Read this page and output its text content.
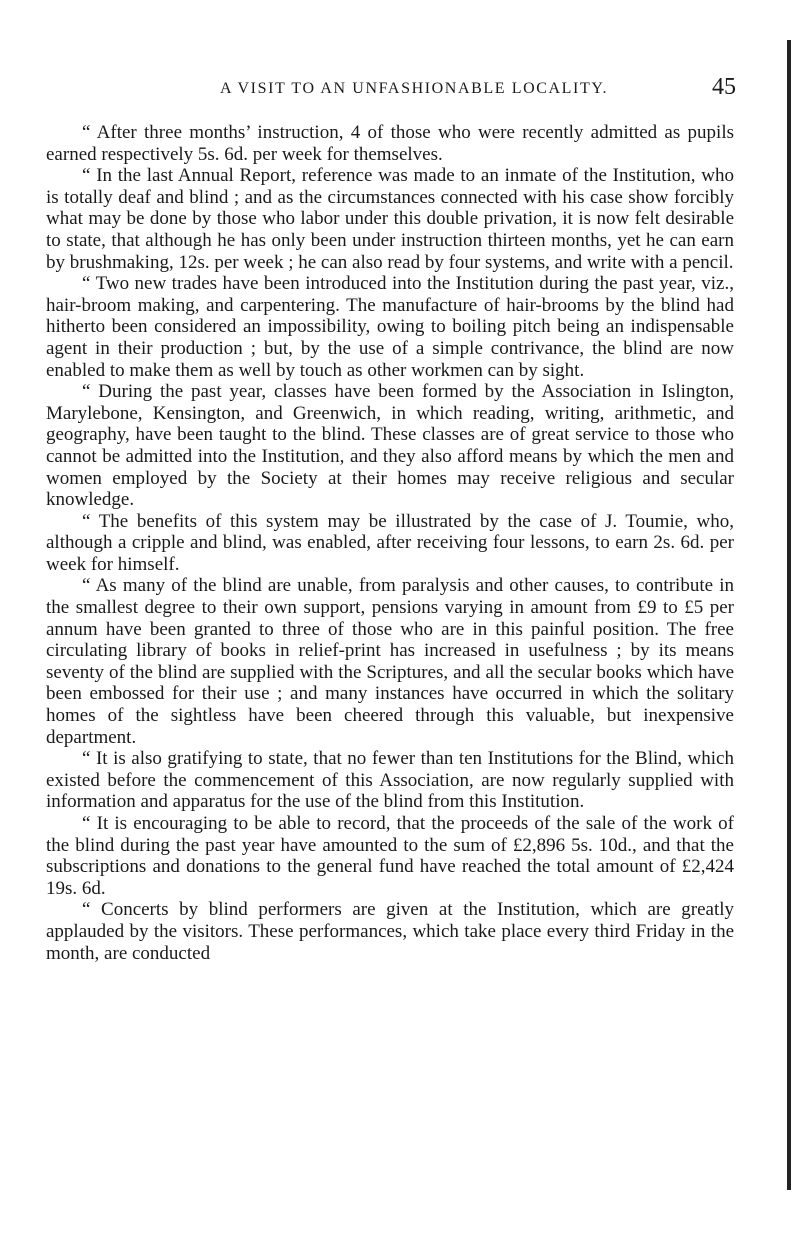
A VISIT TO AN UNFASHIONABLE LOCALITY.	45

“ After three months’ instruction, 4 of those who were recently admitted as pupils earned respectively 5s. 6d. per week for themselves.

“ In the last Annual Report, reference was made to an inmate of the Institution, who is totally deaf and blind ; and as the circumstances connected with his case show forcibly what may be done by those who labor under this double privation, it is now felt desirable to state, that although he has only been under instruction thirteen months, yet he can earn by brushmaking, 12s. per week ; he can also read by four systems, and write with a pencil.

“ Two new trades have been introduced into the Institution during the past year, viz., hair-broom making, and carpentering. The manufacture of hair-brooms by the blind had hitherto been considered an impossibility, owing to boiling pitch being an indispensable agent in their production ; but, by the use of a simple contrivance, the blind are now enabled to make them as well by touch as other workmen can by sight.

“ During the past year, classes have been formed by the Association in Islington, Marylebone, Kensington, and Greenwich, in which reading, writing, arithmetic, and geography, have been taught to the blind. These classes are of great service to those who cannot be admitted into the Institution, and they also afford means by which the men and women employed by the Society at their homes may receive religious and secular knowledge.

“ The benefits of this system may be illustrated by the case of J. Toumie, who, although a cripple and blind, was enabled, after receiving four lessons, to earn 2s. 6d. per week for himself.

“ As many of the blind are unable, from paralysis and other causes, to contribute in the smallest degree to their own support, pensions varying in amount from £9 to £5 per annum have been granted to three of those who are in this painful position. The free circulating library of books in relief-print has increased in usefulness ; by its means seventy of the blind are supplied with the Scriptures, and all the secular books which have been embossed for their use ; and many instances have occurred in which the solitary homes of the sightless have been cheered through this valuable, but inexpensive department.

“ It is also gratifying to state, that no fewer than ten Institutions for the Blind, which existed before the commencement of this Association, are now regularly supplied with information and apparatus for the use of the blind from this Institution.

“ It is encouraging to be able to record, that the proceeds of the sale of the work of the blind during the past year have amounted to the sum of £2,896 5s. 10d., and that the subscriptions and donations to the general fund have reached the total amount of £2,424 19s. 6d.

“ Concerts by blind performers are given at the Institution, which are greatly applauded by the visitors. These performances, which take place every third Friday in the month, are conducted
